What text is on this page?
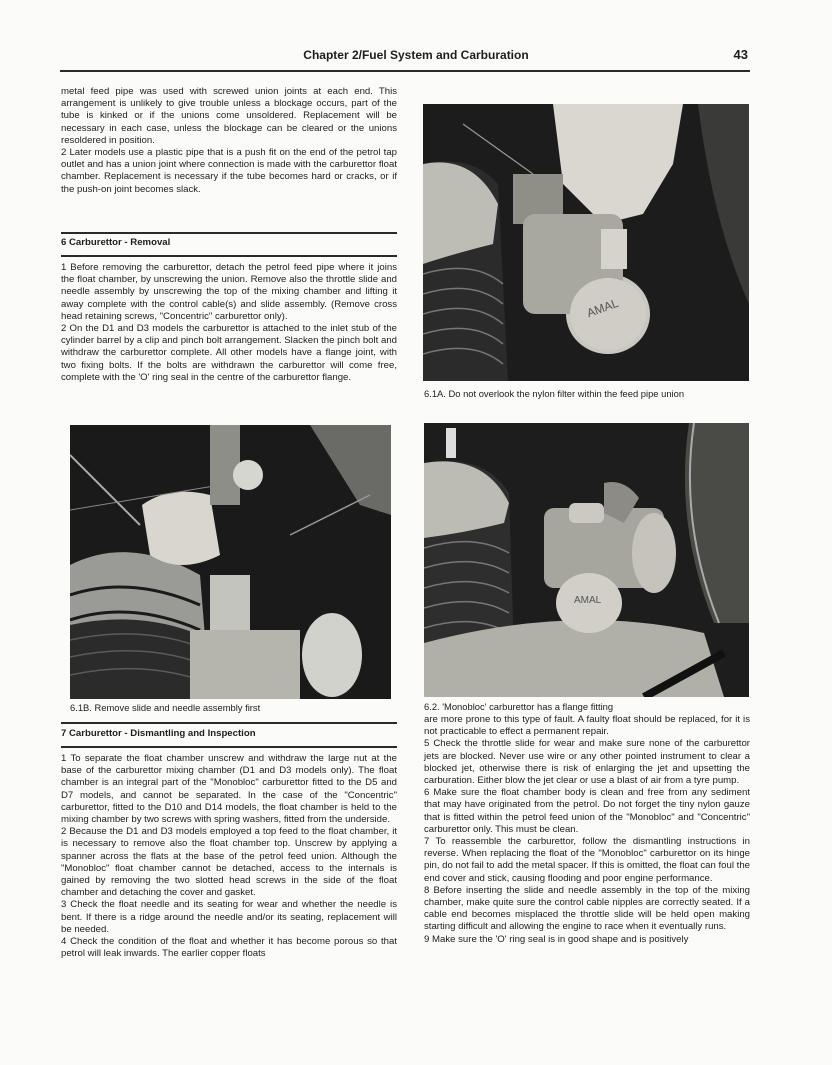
Chapter 2/Fuel System and Carburation	43

metal feed pipe was used with screwed union joints at each end. This arrangement is unlikely to give trouble unless a blockage occurs, part of the tube is kinked or if the unions come unsoldered. Replacement will be necessary in each case, unless the blockage can be cleared or the unions resoldered in position.

2 Later models use a plastic pipe that is a push fit on the end of the petrol tap outlet and has a union joint where connection is made with the carburettor float chamber. Replacement is necessary if the tube becomes hard or cracks, or if the push-on joint becomes slack.

6 Carburettor - Removal

1 Before removing the carburettor, detach the petrol feed pipe where it joins the float chamber, by unscrewing the union. Remove also the throttle slide and needle assembly by unscrewing the top of the mixing chamber and lifting it away complete with the control cable(s) and slide assembly. (Remove cross head retaining screws, "Concentric" carburettor only).

2 On the D1 and D3 models the carburettor is attached to the inlet stub of the cylinder barrel by a clip and pinch bolt arrangement. Slacken the pinch bolt and withdraw the carburettor complete. All other models have a flange joint, with two fixing bolts. If the bolts are withdrawn the carburettor will come free, complete with the 'O' ring seal in the centre of the carburettor flange.

6.1B. Remove slide and needle assembly first
7 Carburettor - Dismantling and Inspection

1 To separate the float chamber unscrew and withdraw the large nut at the base of the carburettor mixing chamber (D1 and D3 models only). The float chamber is an integral part of the "Monobloc" carburettor fitted to the D5 and D7 models, and cannot be separated. In the case of the "Concentric" carburettor, fitted to the D10 and D14 models, the float chamber is held to the mixing chamber by two screws with spring washers, fitted from the underside.

2 Because the D1 and D3 models employed a top feed to the float chamber, it is necessary to remove also the float chamber top. Unscrew by applying a spanner across the flats at the base of the petrol feed union. Although the "Monobloc" float chamber cannot be detached, access to the internals is gained by removing the two slotted head screws in the side of the float chamber and detaching the cover and gasket.

3 Check the float needle and its seating for wear and whether the needle is bent. If there is a ridge around the needle and/or its seating, replacement will be needed.

4 Check the condition of the float and whether it has become porous so that petrol will leak inwards. The earlier copper floats

AMAL
6.1A. Do not overlook the nylon filter within the feed pipe union
AMAL
6.2. 'Monobloc' carburettor has a flange fitting

are more prone to this type of fault. A faulty float should be replaced, for it is not practicable to effect a permanent repair.

5 Check the throttle slide for wear and make sure none of the carburettor jets are blocked. Never use wire or any other pointed instrument to clear a blocked jet, otherwise there is risk of enlarging the jet and upsetting the carburation. Either blow the jet clear or use a blast of air from a tyre pump.

6 Make sure the float chamber body is clean and free from any sediment that may have originated from the petrol. Do not forget the tiny nylon gauze that is fitted within the petrol feed union of the "Monobloc" and "Concentric" carburettor only. This must be clean.

7 To reassemble the carburettor, follow the dismantling instructions in reverse. When replacing the float of the "Monobloc" carburettor on its hinge pin, do not fail to add the metal spacer. If this is omitted, the float can foul the end cover and stick, causing flooding and poor engine performance.

8 Before inserting the slide and needle assembly in the top of the mixing chamber, make quite sure the control cable nipples are correctly seated. If a cable end becomes misplaced the throttle slide will be held open making starting difficult and allowing the engine to race when it eventually runs.

9 Make sure the 'O' ring seal is in good shape and is positively
